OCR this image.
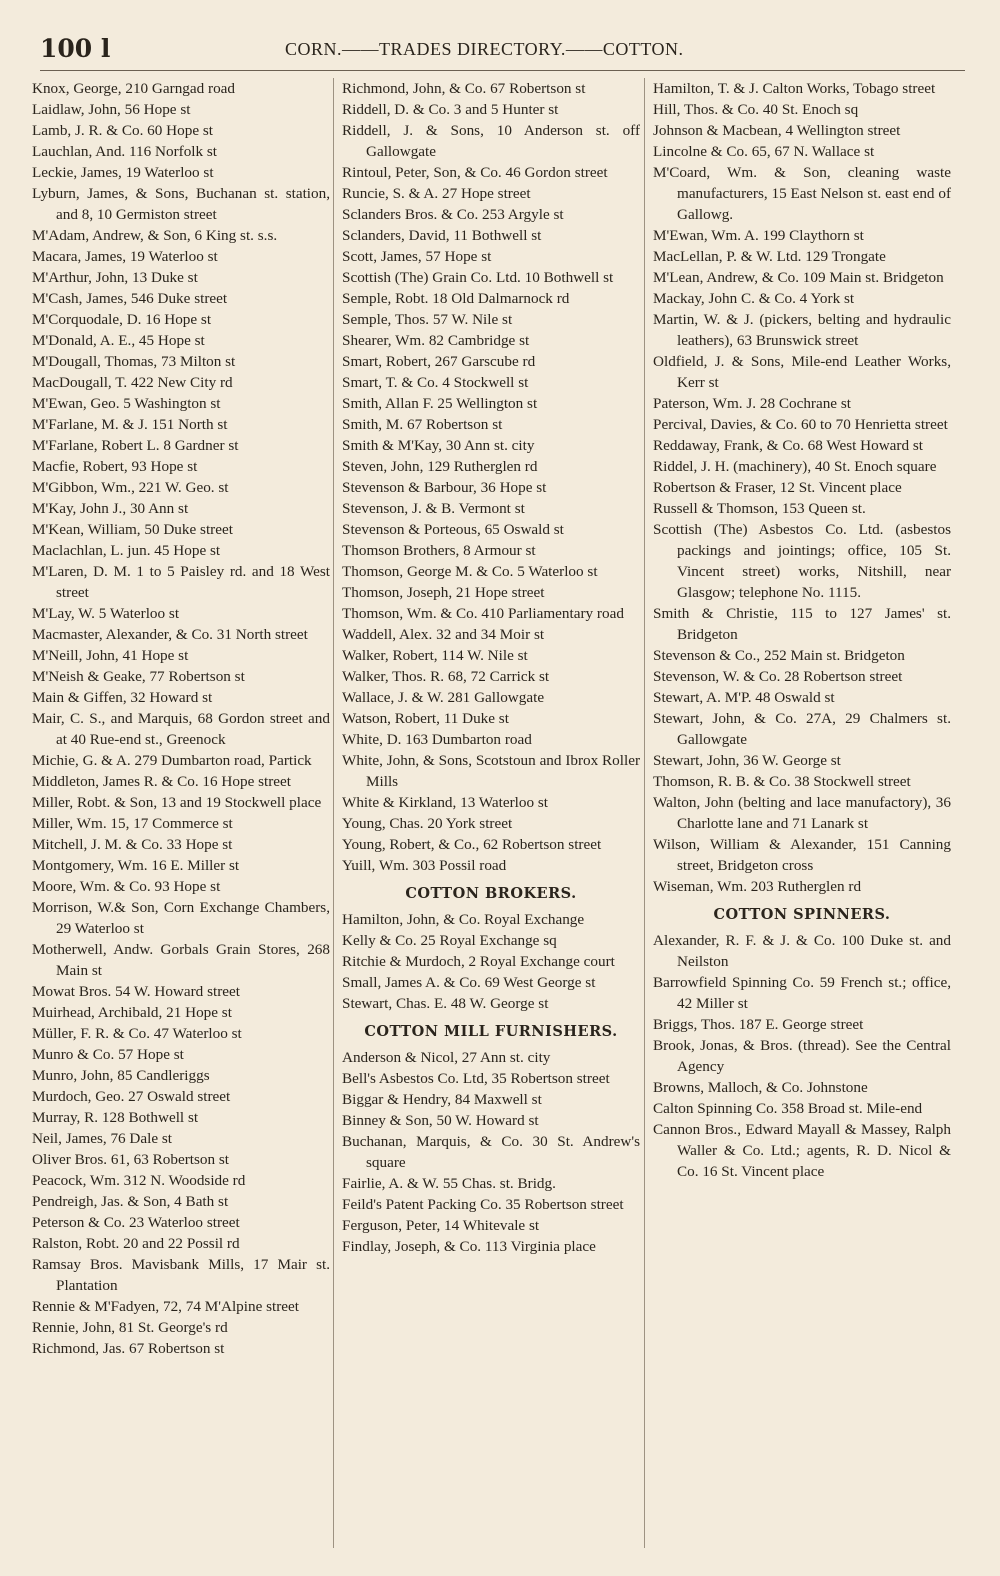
100 l	CORN.——TRADES DIRECTORY.——COTTON.

Knox, George, 210 Garngad road

Laidlaw, John, 56 Hope st

Lamb, J. R. & Co. 60 Hope st

Lauchlan, And. 116 Norfolk st

Leckie, James, 19 Waterloo st

Lyburn, James, & Sons, Buchanan st. station, and 8, 10 Germiston street

M'Adam, Andrew, & Son, 6 King st. s.s.

Macara, James, 19 Waterloo st

M'Arthur, John, 13 Duke st

M'Cash, James, 546 Duke street

M'Corquodale, D. 16 Hope st

M'Donald, A. E., 45 Hope st

M'Dougall, Thomas, 73 Milton st

MacDougall, T. 422 New City rd

M'Ewan, Geo. 5 Washington st

M'Farlane, M. & J. 151 North st

M'Farlane, Robert L. 8 Gardner st

Macfie, Robert, 93 Hope st

M'Gibbon, Wm., 221 W. Geo. st

M'Kay, John J., 30 Ann st

M'Kean, William, 50 Duke street

Maclachlan, L. jun. 45 Hope st

M'Laren, D. M. 1 to 5 Paisley rd. and 18 West street

M'Lay, W. 5 Waterloo st

Macmaster, Alexander, & Co. 31 North street

M'Neill, John, 41 Hope st

M'Neish & Geake, 77 Robertson st

Main & Giffen, 32 Howard st

Mair, C. S., and Marquis, 68 Gordon street and at 40 Rue-end st., Greenock

Michie, G. & A. 279 Dumbarton road, Partick

Middleton, James R. & Co. 16 Hope street

Miller, Robt. & Son, 13 and 19 Stockwell place

Miller, Wm. 15, 17 Commerce st

Mitchell, J. M. & Co. 33 Hope st

Montgomery, Wm. 16 E. Miller st

Moore, Wm. & Co. 93 Hope st

Morrison, W.& Son, Corn Exchange Chambers, 29 Waterloo st

Motherwell, Andw. Gorbals Grain Stores, 268 Main st

Mowat Bros. 54 W. Howard street

Muirhead, Archibald, 21 Hope st

Müller, F. R. & Co. 47 Waterloo st

Munro & Co. 57 Hope st

Munro, John, 85 Candleriggs

Murdoch, Geo. 27 Oswald street

Murray, R. 128 Bothwell st

Neil, James, 76 Dale st

Oliver Bros. 61, 63 Robertson st

Peacock, Wm. 312 N. Woodside rd

Pendreigh, Jas. & Son, 4 Bath st

Peterson & Co. 23 Waterloo street

Ralston, Robt. 20 and 22 Possil rd

Ramsay Bros. Mavisbank Mills, 17 Mair st. Plantation

Rennie & M'Fadyen, 72, 74 M'Alpine street

Rennie, John, 81 St. George's rd

Richmond, Jas. 67 Robertson st

Richmond, John, & Co. 67 Robertson st

Riddell, D. & Co. 3 and 5 Hunter st

Riddell, J. & Sons, 10 Anderson st. off Gallowgate

Rintoul, Peter, Son, & Co. 46 Gordon street

Runcie, S. & A. 27 Hope street

Sclanders Bros. & Co. 253 Argyle st

Sclanders, David, 11 Bothwell st

Scott, James, 57 Hope st

Scottish (The) Grain Co. Ltd. 10 Bothwell st

Semple, Robt. 18 Old Dalmarnock rd

Semple, Thos. 57 W. Nile st

Shearer, Wm. 82 Cambridge st

Smart, Robert, 267 Garscube rd

Smart, T. & Co. 4 Stockwell st

Smith, Allan F. 25 Wellington st

Smith, M. 67 Robertson st

Smith & M'Kay, 30 Ann st. city

Steven, John, 129 Rutherglen rd

Stevenson & Barbour, 36 Hope st

Stevenson, J. & B. Vermont st

Stevenson & Porteous, 65 Oswald st

Thomson Brothers, 8 Armour st

Thomson, George M. & Co. 5 Waterloo st

Thomson, Joseph, 21 Hope street

Thomson, Wm. & Co. 410 Parliamentary road

Waddell, Alex. 32 and 34 Moir st

Walker, Robert, 114 W. Nile st

Walker, Thos. R. 68, 72 Carrick st

Wallace, J. & W. 281 Gallowgate

Watson, Robert, 11 Duke st

White, D. 163 Dumbarton road

White, John, & Sons, Scotstoun and Ibrox Roller Mills

White & Kirkland, 13 Waterloo st

Young, Chas. 20 York street

Young, Robert, & Co., 62 Robertson street

Yuill, Wm. 303 Possil road

COTTON BROKERS.

Hamilton, John, & Co. Royal Exchange

Kelly & Co. 25 Royal Exchange sq

Ritchie & Murdoch, 2 Royal Exchange court

Small, James A. & Co. 69 West George st

Stewart, Chas. E. 48 W. George st

COTTON MILL FURNISHERS.

Anderson & Nicol, 27 Ann st. city

Bell's Asbestos Co. Ltd, 35 Robertson street

Biggar & Hendry, 84 Maxwell st

Binney & Son, 50 W. Howard st

Buchanan, Marquis, & Co. 30 St. Andrew's square

Fairlie, A. & W. 55 Chas. st. Bridg.

Feild's Patent Packing Co. 35 Robertson street

Ferguson, Peter, 14 Whitevale st

Findlay, Joseph, & Co. 113 Virginia place

Hamilton, T. & J. Calton Works, Tobago street

Hill, Thos. & Co. 40 St. Enoch sq

Johnson & Macbean, 4 Wellington street

Lincolne & Co. 65, 67 N. Wallace st

M'Coard, Wm. & Son, cleaning waste manufacturers, 15 East Nelson st. east end of Gallowg.

M'Ewan, Wm. A. 199 Claythorn st

MacLellan, P. & W. Ltd. 129 Trongate

M'Lean, Andrew, & Co. 109 Main st. Bridgeton

Mackay, John C. & Co. 4 York st

Martin, W. & J. (pickers, belting and hydraulic leathers), 63 Brunswick street

Oldfield, J. & Sons, Mile-end Leather Works, Kerr st

Paterson, Wm. J. 28 Cochrane st

Percival, Davies, & Co. 60 to 70 Henrietta street

Reddaway, Frank, & Co. 68 West Howard st

Riddel, J. H. (machinery), 40 St. Enoch square

Robertson & Fraser, 12 St. Vincent place

Russell & Thomson, 153 Queen st.

Scottish (The) Asbestos Co. Ltd. (asbestos packings and jointings; office, 105 St. Vincent street) works, Nitshill, near Glasgow; telephone No. 1115.

Smith & Christie, 115 to 127 James' st. Bridgeton

Stevenson & Co., 252 Main st. Bridgeton

Stevenson, W. & Co. 28 Robertson street

Stewart, A. M'P. 48 Oswald st

Stewart, John, & Co. 27A, 29 Chalmers st. Gallowgate

Stewart, John, 36 W. George st

Thomson, R. B. & Co. 38 Stockwell street

Walton, John (belting and lace manufactory), 36 Charlotte lane and 71 Lanark st

Wilson, William & Alexander, 151 Canning street, Bridgeton cross

Wiseman, Wm. 203 Rutherglen rd

COTTON SPINNERS.

Alexander, R. F. & J. & Co. 100 Duke st. and Neilston

Barrowfield Spinning Co. 59 French st.; office, 42 Miller st

Briggs, Thos. 187 E. George street

Brook, Jonas, & Bros. (thread). See the Central Agency

Browns, Malloch, & Co. Johnstone

Calton Spinning Co. 358 Broad st. Mile-end

Cannon Bros., Edward Mayall & Massey, Ralph Waller & Co. Ltd.; agents, R. D. Nicol & Co. 16 St. Vincent place
